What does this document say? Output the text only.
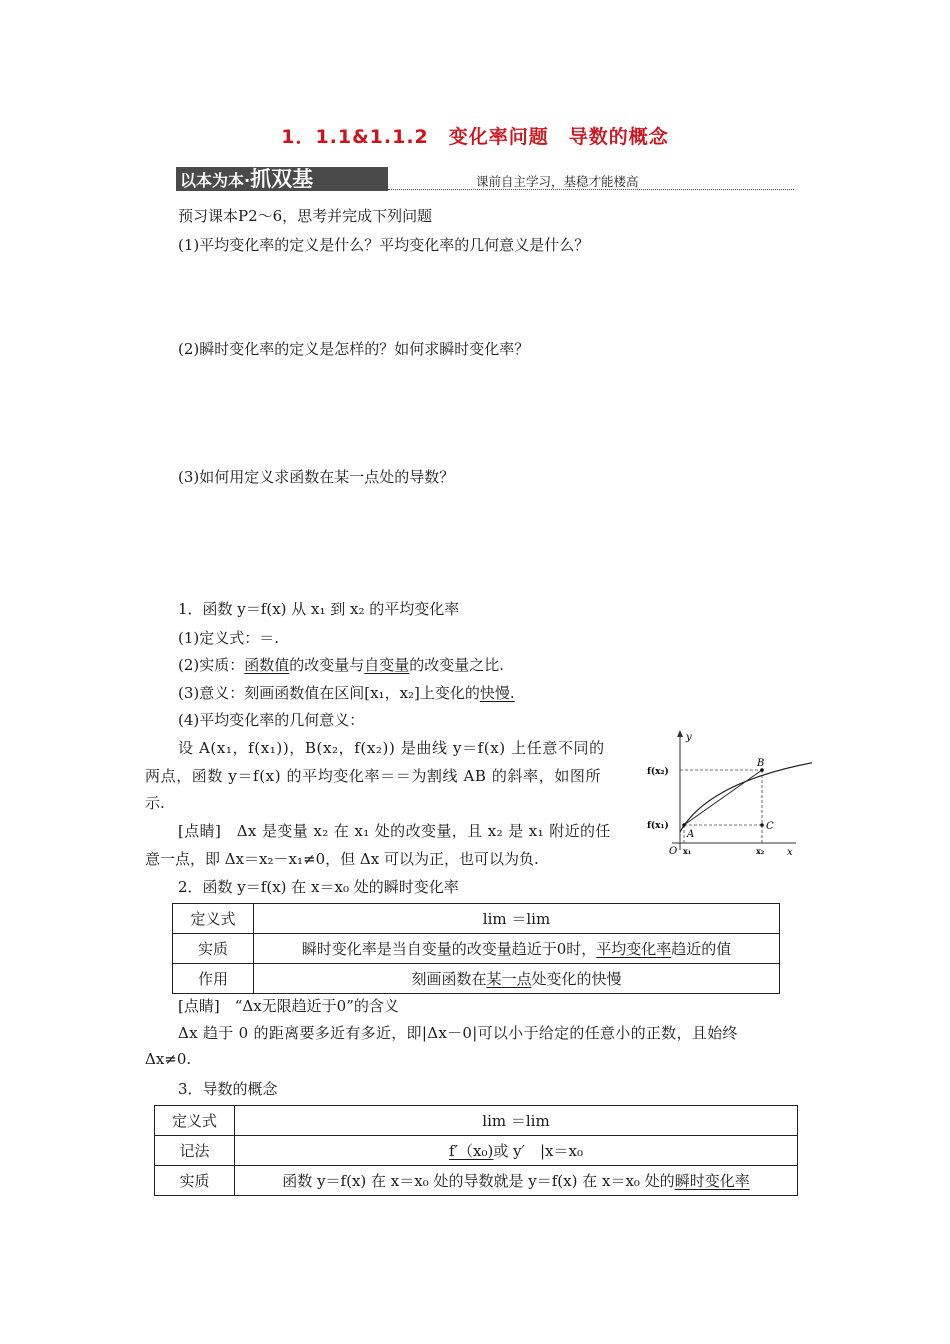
1．1.1&1.1.2　变化率问题　导数的概念
以本为本·抓双基	课前自主学习，基稳才能楼高
预习课本P2～6，思考并完成下列问题
(1)平均变化率的定义是什么？平均变化率的几何意义是什么？
(2)瞬时变化率的定义是怎样的？如何求瞬时变化率？
(3)如何用定义求函数在某一点处的导数？
1．函数 y＝f(x) 从 x₁ 到 x₂ 的平均变化率
(1)定义式：＝.
(2)实质：函数值的改变量与自变量的改变量之比.
(3)意义：刻画函数值在区间[x₁，x₂]上变化的快慢.
(4)平均变化率的几何意义：
设 A(x₁，f(x₁))，B(x₂，f(x₂)) 是曲线 y＝f(x) 上任意不同的
两点，函数 y＝f(x) 的平均变化率＝＝为割线 AB 的斜率，如图所
示.
[点睛]　Δx 是变量 x₂ 在 x₁ 处的改变量，且 x₂ 是 x₁ 附近的任
意一点，即 Δx＝x₂－x₁≠0，但 Δx 可以为正，也可以为负.
y
x
O
f(x₂)
f(x₁)
x₁	x₂
A
B
C
2．函数 y＝f(x) 在 x＝x₀ 处的瞬时变化率
定义式	lim ＝lim
实质	瞬时变化率是当自变量的改变量趋近于0时，平均变化率趋近的值
作用	刻画函数在某一点处变化的快慢
[点睛]　“Δx无限趋近于0”的含义
Δx 趋于 0 的距离要多近有多近，即|Δx－0|可以小于给定的任意小的正数，且始终
Δx≠0.
3．导数的概念
定义式	lim ＝lim
记法	f′（x₀)或 y′　|x＝x₀
实质	函数 y＝f(x) 在 x＝x₀ 处的导数就是 y＝f(x) 在 x＝x₀ 处的瞬时变化率
